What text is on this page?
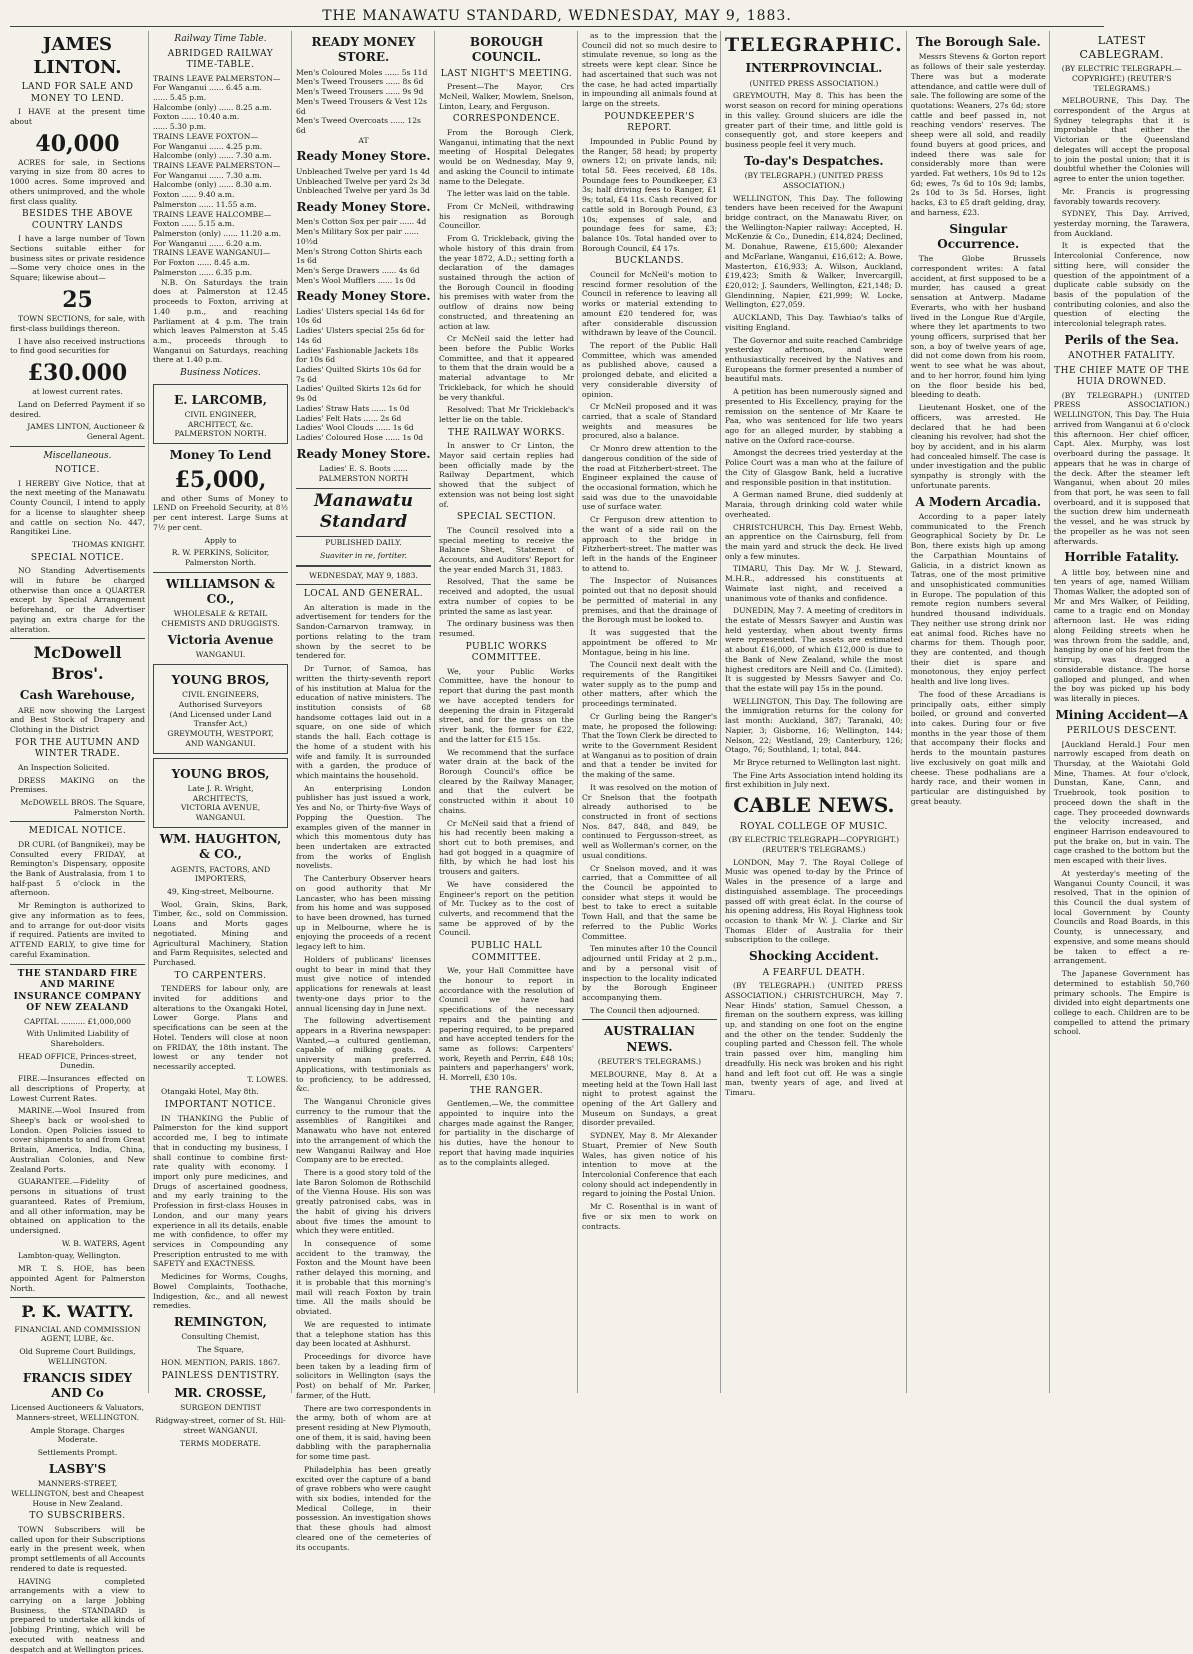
THE MANAWATU STANDARD, WEDNESDAY, MAY 9, 1883.
JAMES LINTON.
LAND FOR SALE AND MONEY TO LEND.

I HAVE at the present time about

40,000

ACRES for sale, in Sections varying in size from 80 acres to 1000 acres. Some improved and others unimproved, and the whole first class quality.

BESIDES THE ABOVE COUNTRY LANDS

I have a large number of Town Sections suitable either for business sites or private residence—Some very choice ones in the Square; likewise about—

25

TOWN SECTIONS, for sale, with first-class buildings thereon.

I have also received instructions to find good securities for

£30.000

at lowest current rates.

Land on Deferred Payment if so desired.

JAMES LINTON, Auctioneer & General Agent.

Miscellaneous.
NOTICE.

I HEREBY Give Notice, that at the next meeting of the Manawatu County Council, I intend to apply for a license to slaughter sheep and cattle on section No. 447, Rangitikei Line.

THOMAS KNIGHT.

SPECIAL NOTICE.

NO Standing Advertisements will in future be charged otherwise than once a QUARTER except by Special Arrangement beforehand, or the Advertiser paying an extra charge for the alteration.

McDowell Bros'.
Cash Warehouse,

ARE now showing the Largest and Best Stock of Drapery and Clothing in the District

FOR THE AUTUMN AND WINTER TRADE.

An Inspection Solicited.

DRESS MAKING on the Premises.

McDOWELL BROS. The Square, Palmerston North.

MEDICAL NOTICE.

DR CURL (of Bangnikei), may be Consulted every FRIDAY, at Remington's Dispensary, opposite the Bank of Australasia, from 1 to half-past 5 o'clock in the afternoon.

Mr Remington is authorized to give any information as to fees, and to arrange for out-door visits if required. Patients are invited to ATTEND EARLY, to give time for careful Examination.

THE STANDARD FIRE AND MARINE INSURANCE COMPANY OF NEW ZEALAND

CAPITAL .......... £1,000,000

With Unlimited Liability of Shareholders.

HEAD OFFICE, Princes-street, Dunedin.

FIRE.—Insurances effected on all descriptions of Property, at Lowest Current Rates.

MARINE.—Wool Insured from Sheep's back or wool-shed to London. Open Policies issued to cover shipments to and from Great Britain, America, India, China, Australian Colonies, and New Zealand Ports.

GUARANTEE.—Fidelity of persons in situations of trust guaranteed. Rates of Premium, and all other information, may be obtained on application to the undersigned.

W. B. WATERS, Agent

Lambton-quay, Wellington.

MR T. S. HOE, has been appointed Agent for Palmerston North.

P. K. WATTY.

FINANCIAL AND COMMISSION AGENT, LUBE, &c.

Old Supreme Court Buildings, WELLINGTON.

FRANCIS SIDEY AND Co

Licensed Auctioneers & Valuators, Manners-street, WELLINGTON.

Ample Storage. Charges Moderate.

Settlements Prompt.

LASBY'S

MANNERS-STREET, WELLINGTON, best and Cheapest House in New Zealand.

TO SUBSCRIBERS.

TOWN Subscribers will be called upon for their Subscriptions early in the present week, when prompt settlements of all Accounts rendered to date is requested.

HAVING completed arrangements with a view to carrying on a large Jobbing Business, the STANDARD is prepared to undertake all kinds of Jobbing Printing, which will be executed with neatness and despatch and at Wellington prices.

Railway Time Table.
ABRIDGED RAILWAY TIME-TABLE.
TRAINS LEAVE PALMERSTON—
For Wanganui ...... 6.45 a.m.
...... 5.45 p.m.
Halcombe (only) ...... 8.25 a.m.
Foxton ...... 10.40 a.m.
...... 5.30 p.m.
TRAINS LEAVE FOXTON—
For Wanganui ...... 4.25 p.m.
Halcombe (only) ...... 7.30 a.m.
TRAINS LEAVE PALMERSTON—
For Wanganui ...... 7.30 a.m.
Halcombe (only) ...... 8.30 a.m.
Foxton ...... 9.40 a.m.
Palmerston ...... 11.55 a.m.
TRAINS LEAVE HALCOMBE—
Foxton ...... 5.15 a.m.
Palmerston (only) ...... 11.20 a.m.
For Wanganui ...... 6.20 a.m.
TRAINS LEAVE WANGANUI—
For Foxton ...... 8.45 a.m.
Palmerston ...... 6.35 p.m.

N.B. On Saturdays the train does at Palmerston at 12.45 proceeds to Foxton, arriving at 1.40 p.m., and reaching Parliament at 4 p.m. The train which leaves Palmerston at 5.45 a.m., proceeds through to Wanganui on Saturdays, reaching there at 1.40 p.m.

Business Notices.
E. LARCOMB,
CIVIL ENGINEER,
ARCHITECT, &c.
PALMERSTON NORTH.
Money To Lend
£5,000,

and other Sums of Money to LEND on Freehold Security, at 8½ per cent interest. Large Sums at 7½ per cent.

Apply to

R. W. PERKINS, Solicitor, Palmerston North.

WILLIAMSON & CO.,

WHOLESALE & RETAIL CHEMISTS AND DRUGGISTS.

Victoria Avenue

WANGANUI.

YOUNG BROS,
CIVIL ENGINEERS,
Authorised Surveyors
(And Licensed under Land Transfer Act,)
GREYMOUTH, WESTPORT, AND WANGANUI.
YOUNG BROS,
Late J. R. Wright,
ARCHITECTS,
VICTORIA AVENUE, WANGANUI.
WM. HAUGHTON, & CO.,

AGENTS, FACTORS, AND IMPORTERS,

49, King-street, Melbourne.

Wool, Grain, Skins, Bark, Timber, &c., sold on Commission. Loans and Morts gages negotiated. Mining and Agricultural Machinery, Station and Farm Requisites, selected and Purchased.

TO CARPENTERS.

TENDERS for labour only, are invited for additions and alterations to the Oxangaki Hotel, Lower Gorge. Plans and specifications can be seen at the Hotel. Tenders will close at noon on FRIDAY, the 18th instant. The lowest or any tender not necessarily accepted.

T. LOWES.

Otangaki Hotel, May 8th.

IMPORTANT NOTICE.

IN THANKING the Public of Palmerston for the kind support accorded me, I beg to intimate that in conducting my business, I shall continue to combine first-rate quality with economy. I import only pure medicines, and Drugs of ascertained goodness, and my early training to the Profession in first-class Houses in London, and our many years experience in all its details, enable me with confidence, to offer my services in Compounding any Prescription entrusted to me with SAFETY and EXACTNESS.

Medicines for Worms, Coughs, Bowel Complaints, Toothache, Indigestion, &c., and all newest remedies.

REMINGTON,

Consulting Chemist,

The Square,

HON. MENTION, PARIS. 1867.

PAINLESS DENTISTRY.
MR. CROSSE,

SURGEON DENTIST

Ridgway-street, corner of St. Hill-street WANGANUI.

TERMS MODERATE.

READY MONEY STORE.
Men's Coloured Moles ...... 5s 11d
Men's Tweed Trousers ...... 8s 6d
Men's Tweed Trousers ...... 9s 9d
Men's Tweed Trousers & Vest 12s 6d
Men's Tweed Overcoats ...... 12s 6d

AT

Ready Money Store.
Unbleached Twelve per yard 1s 4d
Unbleached Twelve per yard 2s 3d
Unbleached Twelve per yard 3s 3d
Ready Money Store.
Men's Cotton Sox per pair ...... 4d
Men's Military Sox per pair ...... 10½d
Men's Strong Cotton Shirts each 1s 6d
Men's Serge Drawers ...... 4s 6d
Men's Wool Mufflers ...... 1s 0d
Ready Money Store.
Ladies' Ulsters special 14s 6d for 10s 6d
Ladies' Ulsters special 25s 6d for 14s 6d
Ladies' Fashionable Jackets 18s for 10s 6d
Ladies' Quilted Skirts 10s 6d for 7s 6d
Ladies' Quilted Skirts 12s 6d for 9s 0d
Ladies' Straw Hats ...... 1s 0d
Ladies' Felt Hats ...... 2s 6d
Ladies' Wool Clouds ...... 1s 6d
Ladies' Coloured Hose ...... 1s 0d
Ready Money Store.

Ladies' E. S. Boots ...... PALMERSTON NORTH

Manawatu Standard

PUBLISHED DAILY.

Suaviter in re, fortiter.

WEDNESDAY, MAY 9, 1883.

LOCAL AND GENERAL.

An alteration is made in the advertisement for tenders for the Sandon-Carnarvon tramway, in portions relating to the tram shown by the secret to be tendered for.

Dr Turnor, of Samoa, has written the thirty-seventh report of his institution at Malua for the education of native ministers. The institution consists of 68 handsome cottages laid out in a square, on one side of which stands the hall. Each cottage is the home of a student with his wife and family. It is surrounded with a garden, the produce of which maintains the household.

An enterprising London publisher has just issued a work, Yes and No, or Thirty-five Ways of Popping the Question. The examples given of the manner in which this momentous duty has been undertaken are extracted from the works of English novelists.

The Canterbury Observer hears on good authority that Mr Lancaster, who has been missing from his home and was supposed to have been drowned, has turned up in Melbourne, where he is enjoying the proceeds of a recent legacy left to him.

Holders of publicans' licenses ought to bear in mind that they must give notice of intended applications for renewals at least twenty-one days prior to the annual licensing day in June next.

The following advertisement appears in a Riverina newspaper: Wanted,—a cultured gentleman, capable of milking goats. A university man preferred. Applications, with testimonials as to proficiency, to be addressed, &c.

The Wanganui Chronicle gives currency to the rumour that the assemblies of Rangitikei and Manawatu who have not entered into the arrangement of which the new Wanganui Railway and Hoe Company are to be erected.

There is a good story told of the late Baron Solomon de Rothschild of the Vienna House. His son was greatly patronised cabs, was in the habit of giving his drivers about five times the amount to which they were entitled.

In consequence of some accident to the tramway, the Foxton and the Mount have been rather delayed this morning, and it is probable that this morning's mail will reach Foxton by train time. All the mails should be obviated.

We are requested to intimate that a telephone station has this day been located at Ashhurst.

Proceedings for divorce have been taken by a leading firm of solicitors in Wellington (says the Post) on behalf of Mr. Parker, farmer, of the Hutt.

There are two correspondents in the army, both of whom are at present residing at New Plymouth, one of them, it is said, having been dabbling with the paraphernalia for some time past.

Philadelphia has been greatly excited over the capture of a band of grave robbers who were caught with six bodies, intended for the Medical College, in their possession. An investigation shows that these ghouls had almost cleared one of the cemeteries of its occupants.

BOROUGH COUNCIL.
LAST NIGHT'S MEETING.

Present—The Mayor, Crs McNeil, Walker, Mowlem, Snelson, Linton, Leary, and Ferguson.

CORRESPONDENCE.

From the Borough Clerk, Wanganui, intimating that the next meeting of Hospital Delegates would be on Wednesday, May 9, and asking the Council to intimate name to the Delegate.

The letter was laid on the table.

From Cr McNeil, withdrawing his resignation as Borough Councillor.

From G. Trickleback, giving the whole history of this drain from the year 1872, A.D.; setting forth a declaration of the damages sustained through the action of the Borough Council in flooding his premises with water from the outflow of drains now being constructed, and threatening an action at law.

Cr McNeil said the letter had been before the Public Works Committee, and that it appeared to them that the drain would be a material advantage to Mr Trickleback, for which he should be very thankful.

Resolved: That Mr Trickleback's letter lie on the table.

THE RAILWAY WORKS.

In answer to Cr Linton, the Mayor said certain replies had been officially made by the Railway Department, which showed that the subject of extension was not being lost sight of.

SPECIAL SECTION.

The Council resolved into a special meeting to receive the Balance Sheet, Statement of Accounts, and Auditors' Report for the year ended March 31, 1883.

Resolved, That the same be received and adopted, the usual extra number of copies to be printed the same as last year.

The ordinary business was then resumed.

PUBLIC WORKS COMMITTEE.

We, your Public Works Committee, have the honour to report that during the past month we have accepted tenders for deepening the drain in Fitzgerald street, and for the grass on the river bank, the former for £22, and the latter for £15 15s.

We recommend that the surface water drain at the back of the Borough Council's office be cleared by the Railway Manager, and that the culvert be constructed within it about 10 chains.

Cr McNeil said that a friend of his had recently been making a short cut to both premises, and had got bogged in a quagmire of filth, by which he had lost his trousers and gaiters.

We have considered the Engineer's report on the petition of Mr. Tuckey as to the cost of culverts, and recommend that the same be approved of by the Council.

PUBLIC HALL COMMITTEE.

We, your Hall Committee have the honour to report in accordance with the resolution of Council we have had specifications of the necessary repairs and the painting and papering required, to be prepared and have accepted tenders for the same as follows: Carpenters' work, Reyeth and Perrin, £48 10s; painters and paperhangers' work, H. Morrell, £30 10s.

THE RANGER.

Gentlemen,—We, the committee appointed to inquire into the charges made against the Ranger, for partiality in the discharge of his duties, have the honour to report that having made inquiries as to the complaints alleged.

as to the impression that the Council did not so much desire to stimulate revenue, so long as the streets were kept clear. Since he had ascertained that such was not the case, he had acted impartially in impounding all animals found at large on the streets.

POUNDKEEPER'S REPORT.

Impounded in Public Pound by the Ranger, 58 head; by property owners 12; on private lands, nil; total 58. Fees received, £8 18s. Poundage fees to Poundkeeper, £3 3s; half driving fees to Ranger, £1 9s; total, £4 11s. Cash received for cattle sold in Borough Pound, £3 10s; expenses of sale, and poundage fees for same, £3; balance 10s. Total handed over to Borough Council, £4 17s.

BUCKLANDS.

Council for McNeil's motion to rescind former resolution of the Council in reference to leaving all works or material extending to amount £20 tendered for, was after considerable discussion withdrawn by leave of the Council.

The report of the Public Hall Committee, which was amended as published above, caused a prolonged debate, and elicited a very considerable diversity of opinion.

Cr McNeil proposed and it was carried, that a scale of Standard weights and measures be procured, also a balance.

Cr Monro drew attention to the dangerous condition of the side of the road at Fitzherbert-street. The Engineer explained the cause of the occasional formation, which he said was due to the unavoidable use of surface water.

Cr Ferguson drew attention to the want of a side rail on the approach to the bridge in Fitzherbert-street. The matter was left in the hands of the Engineer to attend to.

The Inspector of Nuisances pointed out that no deposit should be permitted of material in any premises, and that the drainage of the Borough must be looked to.

It was suggested that the appointment be offered to Mr Montague, being in his line.

The Council next dealt with the requirements of the Rangitikei water supply as to the pump and other matters, after which the proceedings terminated.

Cr Gurling being the Ranger's mate, he proposed the following: That the Town Clerk be directed to write to the Government Resident at Wanganui as to position of drain and that a tender be invited for the making of the same.

It was resolved on the motion of Cr Snelson that the footpath already authorised to be constructed in front of sections Nos. 847, 848, and 849, be continued to Fergusson-street, as well as Wollerman's corner, on the usual conditions.

Cr Snelson moved, and it was carried, that a Committee of all the Council be appointed to consider what steps it would be best to take to erect a suitable Town Hall, and that the same be referred to the Public Works Committee.

Ten minutes after 10 the Council adjourned until Friday at 2 p.m., and by a personal visit of inspection to the locality indicated by the Borough Engineer accompanying them.

The Council then adjourned.

AUSTRALIAN NEWS.

(REUTER'S TELEGRAMS.)

MELBOURNE, May 8. At a meeting held at the Town Hall last night to protest against the opening of the Art Gallery and Museum on Sundays, a great disorder prevailed.

SYDNEY, May 8. Mr Alexander Stuart, Premier of New South Wales, has given notice of his intention to move at the Intercolonial Conference that each colony should act independently in regard to joining the Postal Union.

Mr C. Rosenthal is in want of five or six men to work on contracts.

TELEGRAPHIC.
INTERPROVINCIAL.

(UNITED PRESS ASSOCIATION.)

GREYMOUTH, May 8. This has been the worst season on record for mining operations in this valley. Ground sluicers are idle the greater part of their time, and little gold is consequently got, and store keepers and business people feel it very much.

To-day's Despatches.

(BY TELEGRAPH.) (UNITED PRESS ASSOCIATION.)

WELLINGTON, This Day. The following tenders have been received for the Awapuni bridge contract, on the Manawatu River, on the Wellington-Napier railway: Accepted, H. McKenzie & Co., Dunedin, £14,824; Declined, M. Donahue, Rawene, £15,600; Alexander and McFarlane, Wanganui, £16,612; A. Bowe, Masterton, £16,933; A. Wilson, Auckland, £19,423; Smith & Walker, Invercargill, £20,012; J. Saunders, Wellington, £21,148; D. Glendinning, Napier, £21,999; W. Locke, Wellington, £27,059.

AUCKLAND, This Day. Tawhiao's talks of visiting England.

The Governor and suite reached Cambridge yesterday afternoon, and were enthusiastically received by the Natives and Europeans the former presented a number of beautiful mats.

A petition has been numerously signed and presented to His Excellency, praying for the remission on the sentence of Mr Kaare te Paa, who was sentenced for life two years ago for an alleged murder, by stabbing a native on the Oxford race-course.

Amongst the decrees tried yesterday at the Police Court was a man who at the failure of the City of Glasgow Bank, held a lucrative and responsible position in that institution.

A German named Brune, died suddenly at Maraia, through drinking cold water while overheated.

CHRISTCHURCH, This Day. Ernest Webb, an apprentice on the Cairnsburg, fell from the main yard and struck the deck. He lived only a few minutes.

TIMARU, This Day. Mr W. J. Steward, M.H.R., addressed his constituents at Waimate last night, and received a unanimous vote of thanks and confidence.

DUNEDIN, May 7. A meeting of creditors in the estate of Messrs Sawyer and Austin was held yesterday, when about twenty firms were represented. The assets are estimated at about £16,000, of which £12,000 is due to the Bank of New Zealand, while the most highest creditors are Neill and Co. (Limited). It is suggested by Messrs Sawyer and Co. that the estate will pay 15s in the pound.

WELLINGTON, This Day. The following are the immigration returns for the colony for last month: Auckland, 387; Taranaki, 40; Napier, 3; Gisborne, 16; Wellington, 144; Nelson, 22; Westland, 29; Canterbury, 126; Otago, 76; Southland, 1; total, 844.

Mr Bryce returned to Wellington last night.

The Fine Arts Association intend holding its first exhibition in July next.

CABLE NEWS.
ROYAL COLLEGE OF MUSIC.

(BY ELECTRIC TELEGRAPH—COPYRIGHT.) (REUTER'S TELEGRAMS.)

LONDON, May 7. The Royal College of Music was opened to-day by the Prince of Wales in the presence of a large and distinguished assemblage. The proceedings passed off with great éclat. In the course of his opening address, His Royal Highness took occasion to thank Mr W. J. Clarke and Sir Thomas Elder of Australia for their subscription to the college.

Shocking Accident.
A FEARFUL DEATH.

(BY TELEGRAPH.) (UNITED PRESS ASSOCIATION.) CHRISTCHURCH, May 7. Near Hinds' station, Samuel Chesson, a fireman on the southern express, was killing up, and standing on one foot on the engine and the other on the tender. Suddenly the coupling parted and Chesson fell. The whole train passed over him, mangling him dreadfully. His neck was broken and his right hand and left foot cut off. He was a single man, twenty years of age, and lived at Timaru.

The Borough Sale.

Messrs Stevens & Gorton report as follows of their sale yesterday. There was but a moderate attendance, and cattle were dull of sale. The following are some of the quotations: Weaners, 27s 6d; store cattle and beef passed in, not reaching vendors' reserves. The sheep were all sold, and readily found buyers at good prices, and indeed there was sale for considerably more than were yarded. Fat wethers, 10s 9d to 12s 6d; ewes, 7s 6d to 10s 9d; lambs, 2s 10d to 3s 5d. Horses, light hacks, £3 to £5 draft gelding, dray, and harness, £23.

Singular Occurrence.

The Globe Brussels correspondent writes: A fatal accident, at first supposed to be a murder, has caused a great sensation at Antwerp. Madame Everarts, who with her husband lived in the Longue Rue d'Argile, where they let apartments to two young officers, surprised that her son, a boy of twelve years of age, did not come down from his room, went to see what he was about, and to her horror, found him lying on the floor beside his bed, bleeding to death.

Lieutenant Hosket, one of the officers, was arrested. He declared that he had been cleaning his revolver, had shot the boy by accident, and in his alarm had concealed himself. The case is under investigation and the public sympathy is strongly with the unfortunate parents.

A Modern Arcadia.

According to a paper lately communicated to the French Geographical Society by Dr. Le Bon, there exists high up among the Carpathian Mountains of Galicia, in a district known as Tatras, one of the most primitive and unsophisticated communities in Europe. The population of this remote region numbers several hundred thousand individuals. They neither use strong drink nor eat animal food. Riches have no charms for them. Though poor, they are contented, and though their diet is spare and monotonous, they enjoy perfect health and live long lives.

The food of these Arcadians is principally oats, either simply boiled, or ground and converted into cakes. During four or five months in the year those of them that accompany their flocks and herds to the mountain pastures live exclusively on goat milk and cheese. These podhalians are a hardy race, and their women in particular are distinguished by great beauty.

LATEST CABLEGRAM.

(BY ELECTRIC TELEGRAPH.—COPYRIGHT.) (REUTER'S TELEGRAMS.)

MELBOURNE, This Day. The correspondent of the Argus at Sydney telegraphs that it is improbable that either the Victorian or the Queensland delegates will accept the proposal to join the postal union; that it is doubtful whether the Colonies will agree to enter the union together.

Mr. Francis is progressing favorably towards recovery.

SYDNEY, This Day. Arrived, yesterday morning, the Tarawera, from Auckland.

It is expected that the Intercolonial Conference, now sitting here, will consider the question of the appointment of a duplicate cable subsidy on the basis of the population of the contributing colonies, and also the question of electing the intercolonial telegraph rates.

Perils of the Sea.
ANOTHER FATALITY.
THE CHIEF MATE OF THE HUIA DROWNED.

(BY TELEGRAPH.) (UNITED PRESS ASSOCIATION.) WELLINGTON, This Day. The Huia arrived from Wanganui at 6 o'clock this afternoon. Her chief officer, Capt. Alex. Murphy, was lost overboard during the passage. It appears that he was in charge of the deck. After the steamer left Wanganui, when about 20 miles from that port, he was seen to fall overboard, and it is supposed that the suction drew him underneath the vessel, and he was struck by the propeller as he was not seen afterwards.

Horrible Fatality.

A little boy, between nine and ten years of age, named William Thomas Walker, the adopted son of Mr and Mrs Walker, of Feilding, came to a tragic end on Monday afternoon last. He was riding along Feilding streets when he was thrown from the saddle, and, hanging by one of his feet from the stirrup, was dragged a considerable distance. The horse galloped and plunged, and when the boy was picked up his body was literally in pieces.

Mining Accident—A
PERILOUS DESCENT.

[Auckland Herald.] Four men narrowly escaped from death on Thursday, at the Waiotahi Gold Mine, Thames. At four o'clock, Dunstan, Kane, Cann, and Truebrook, took position to proceed down the shaft in the cage. They proceeded downwards the velocity increased, and engineer Harrison endeavoured to put the brake on, but in vain. The cage crashed to the bottom but the men escaped with their lives.

At yesterday's meeting of the Wanganui County Council, it was resolved, That in the opinion of this Council the dual system of local Government by County Councils and Road Boards, in this County, is unnecessary, and expensive, and some means should be taken to effect a re-arrangement.

The Japanese Government has determined to establish 50,760 primary schools. The Empire is divided into eight departments one college to each. Children are to be compelled to attend the primary school.
